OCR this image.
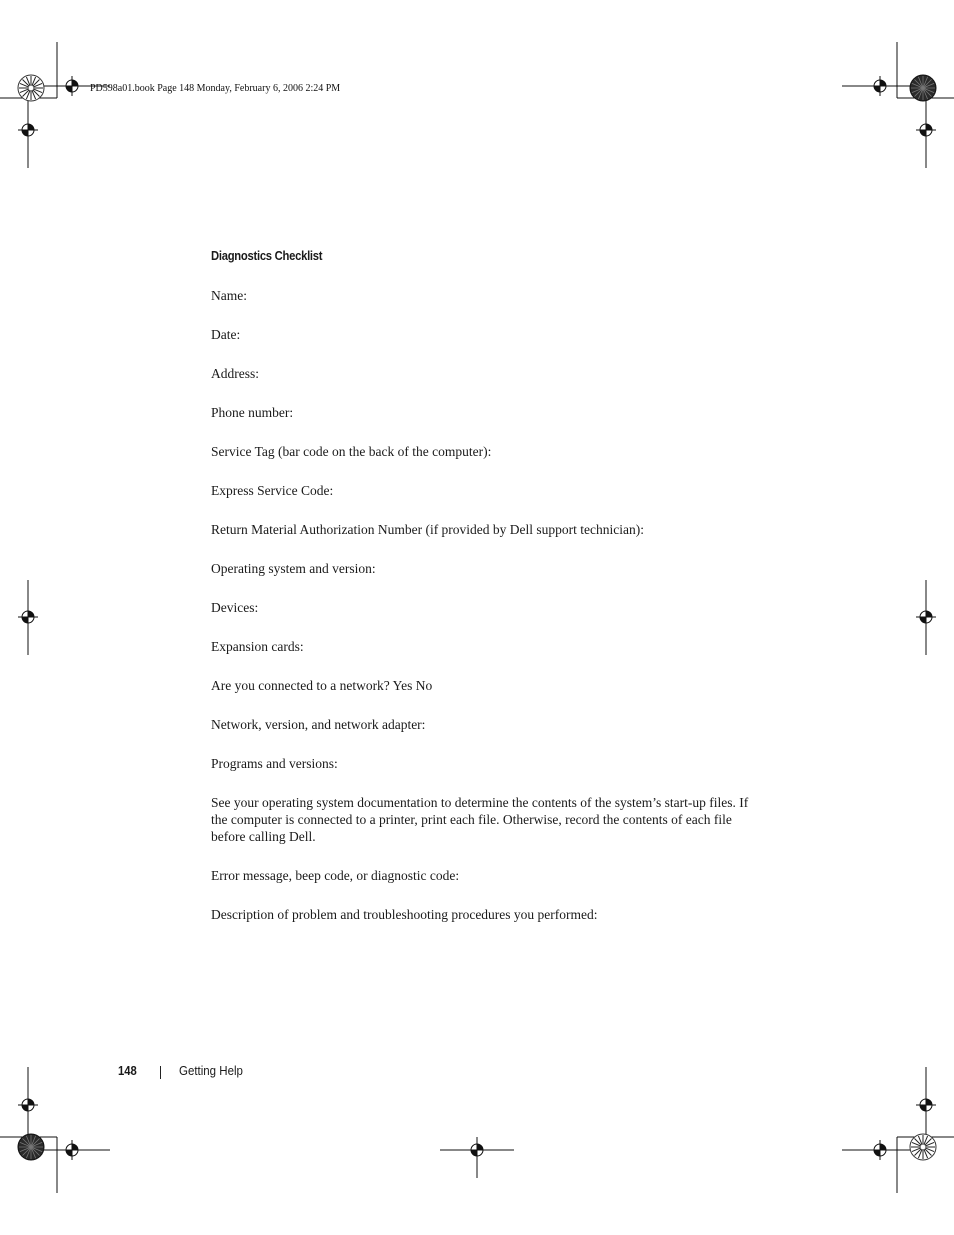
PD598a01.book Page 148 Monday, February 6, 2006 2:24 PM
Diagnostics Checklist
Name:
Date:
Address:
Phone number:
Service Tag (bar code on the back of the computer):
Express Service Code:
Return Material Authorization Number (if provided by Dell support technician):
Operating system and version:
Devices:
Expansion cards:
Are you connected to a network? Yes No
Network, version, and network adapter:
Programs and versions:

See your operating system documentation to determine the contents of the system’s start-up files. If the computer is connected to a printer, print each file. Otherwise, record the contents of each file before calling Dell.

Error message, beep code, or diagnostic code:
Description of problem and troubleshooting procedures you performed:
148	Getting Help
